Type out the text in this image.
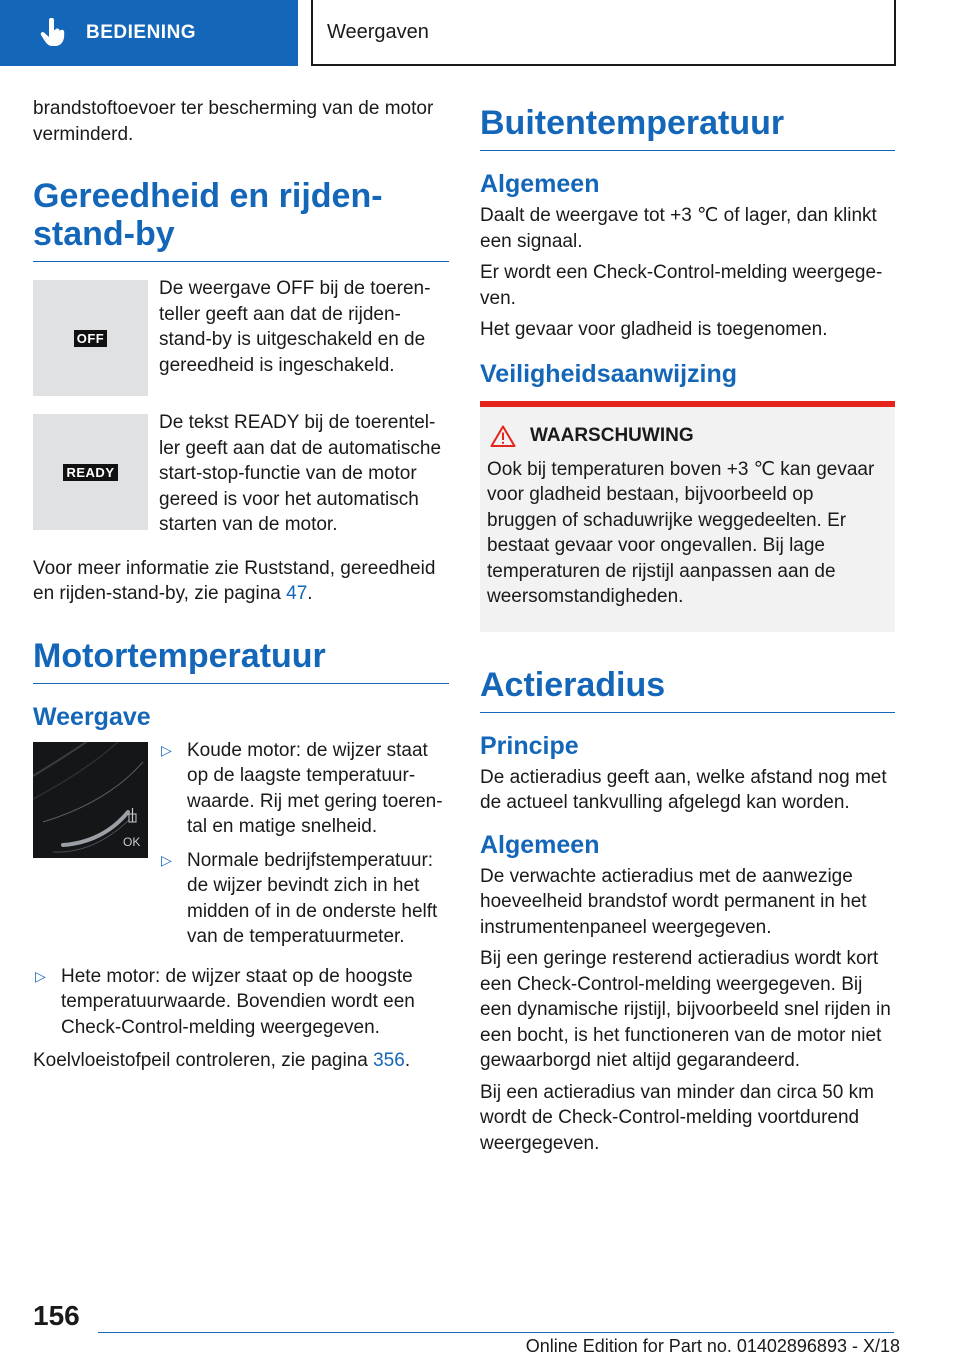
BEDIENING	Weergaven

brandstoftoevoer ter bescherming van de motor verminderd.

Gereedheid en rijden-stand-by
OFF
De weergave OFF bij de toerenteller geeft aan dat de rijden-stand-by is uitgeschakeld en de gereedheid is ingeschakeld.
READY
De tekst READY bij de toerenteller geeft aan dat de automatische start-stop-functie van de motor gereed is voor het automatisch starten van de motor.

Voor meer informatie zie Ruststand, gereedheid en rijden-stand-by, zie pagina 47.

Motortemperatuur
Weergave
OK
▷ Koude motor: de wijzer staat op de laagste temperatuurwaarde. Rij met gering toerental en matige snelheid.
▷ Normale bedrijfstemperatuur: de wijzer bevindt zich in het midden of in de onderste helft van de temperatuurmeter.
▷ Hete motor: de wijzer staat op de hoogste temperatuurwaarde. Bovendien wordt een Check-Control-melding weergegeven.

Koelvloeistofpeil controleren, zie pagina 356.

Buitentemperatuur
Algemeen

Daalt de weergave tot +3 ℃ of lager, dan klinkt een signaal.

Er wordt een Check-Control-melding weergegeven.

Het gevaar voor gladheid is toegenomen.

Veiligheidsaanwijzing
WAARSCHUWING

Ook bij temperaturen boven +3 ℃ kan gevaar voor gladheid bestaan, bijvoorbeeld op bruggen of schaduwrijke weggedeelten. Er bestaat gevaar voor ongevallen. Bij lage temperaturen de rijstijl aanpassen aan de weersomstandigheden.

Actieradius
Principe

De actieradius geeft aan, welke afstand nog met de actueel tankvulling afgelegd kan worden.

Algemeen

De verwachte actieradius met de aanwezige hoeveelheid brandstof wordt permanent in het instrumentenpaneel weergegeven.

Bij een geringe resterend actieradius wordt kort een Check-Control-melding weergegeven. Bij een dynamische rijstijl, bijvoorbeeld snel rijden in een bocht, is het functioneren van de motor niet gewaarborgd niet altijd gegarandeerd.

Bij een actieradius van minder dan circa 50 km wordt de Check-Control-melding voortdurend weergegeven.

156
Online Edition for Part no. 01402896893 - X/18
